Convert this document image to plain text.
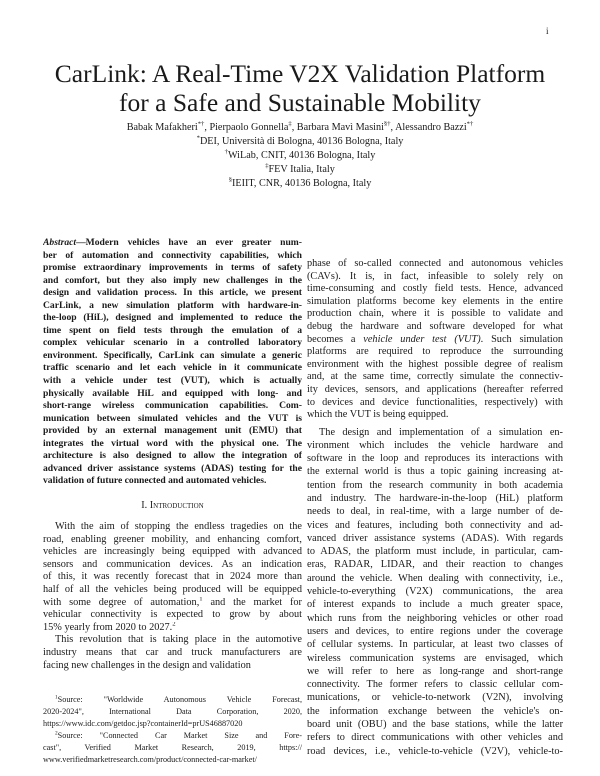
i
CarLink: A Real-Time V2X Validation Platform
for a Safe and Sustainable Mobility
Babak Mafakheri*†, Pierpaolo Gonnella‡, Barbara Mavì Masini§†, Alessandro Bazzi*†
*DEI, Università di Bologna, 40136 Bologna, Italy
†WiLab, CNIT, 40136 Bologna, Italy
‡FEV Italia, Italy
§IEIIT, CNR, 40136 Bologna, Italy
Abstract—Modern vehicles have an ever greater num-
ber of automation and connectivity capabilities, which
promise extraordinary improvements in terms of safety
and comfort, but they also imply new challenges in the
design and validation process. In this article, we present
CarLink, a new simulation platform with hardware-in-
the-loop (HiL), designed and implemented to reduce the
time spent on field tests through the emulation of a
complex vehicular scenario in a controlled laboratory
environment. Specifically, CarLink can simulate a generic
traffic scenario and let each vehicle in it communicate
with a vehicle under test (VUT), which is actually
physically available HiL and equipped with long- and
short-range wireless communication capabilities. Com-
munication between simulated vehicles and the VUT is
provided by an external management unit (EMU) that
integrates the virtual word with the physical one. The
architecture is also designed to allow the integration of
advanced driver assistance systems (ADAS) testing for the
validation of future connected and automated vehicles.
I. Introduction
With the aim of stopping the endless tragedies on the
road, enabling greener mobility, and enhancing comfort,
vehicles are increasingly being equipped with advanced
sensors and communication devices. As an indication
of this, it was recently forecast that in 2024 more than
half of all the vehicles being produced will be equipped
with some degree of automation,$^1$ and the market for
vehicular connectivity is expected to grow by about
15% yearly from 2020 to 2027.$^2$
This revolution that is taking place in the automotive
industry means that car and truck manufacturers are
facing new challenges in the design and validation
$^1$Source: "Worldwide Autonomous Vehicle Forecast,
2020-2024", International Data Corporation, 2020,
https://www.idc.com/getdoc.jsp?containerId=prUS46887020
$^2$Source: "Connected Car Market Size and Fore-
cast", Verified Market Research, 2019, https://
www.verifiedmarketresearch.com/product/connected-car-market/
phase of so-called connected and autonomous vehicles
(CAVs). It is, in fact, infeasible to solely rely on
time-consuming and costly field tests. Hence, advanced
simulation platforms become key elements in the entire
production chain, where it is possible to validate and
debug the hardware and software developed for what
becomes a vehicle under test (VUT). Such simulation
platforms are required to reproduce the surrounding
environment with the highest possible degree of realism
and, at the same time, correctly simulate the connectiv-
ity devices, sensors, and applications (hereafter referred
to devices and device functionalities, respectively) with
which the VUT is being equipped.
The design and implementation of a simulation en-
vironment which includes the vehicle hardware and
software in the loop and reproduces its interactions with
the external world is thus a topic gaining increasing at-
tention from the research community in both academia
and industry. The hardware-in-the-loop (HiL) platform
needs to deal, in real-time, with a large number of de-
vices and features, including both connectivity and ad-
vanced driver assistance systems (ADAS). With regards
to ADAS, the platform must include, in particular, cam-
eras, RADAR, LIDAR, and their reaction to changes
around the vehicle. When dealing with connectivity, i.e.,
vehicle-to-everything (V2X) communications, the area
of interest expands to include a much greater space,
which runs from the neighboring vehicles or other road
users and devices, to entire regions under the coverage
of cellular systems. In particular, at least two classes of
wireless communication systems are envisaged, which
we will refer to here as long-range and short-range
connectivity. The former refers to classic cellular com-
munications, or vehicle-to-network (V2N), involving
the information exchange between the vehicle's on-
board unit (OBU) and the base stations, while the latter
refers to direct communications with other vehicles and
road devices, i.e., vehicle-to-vehicle (V2V), vehicle-to-
